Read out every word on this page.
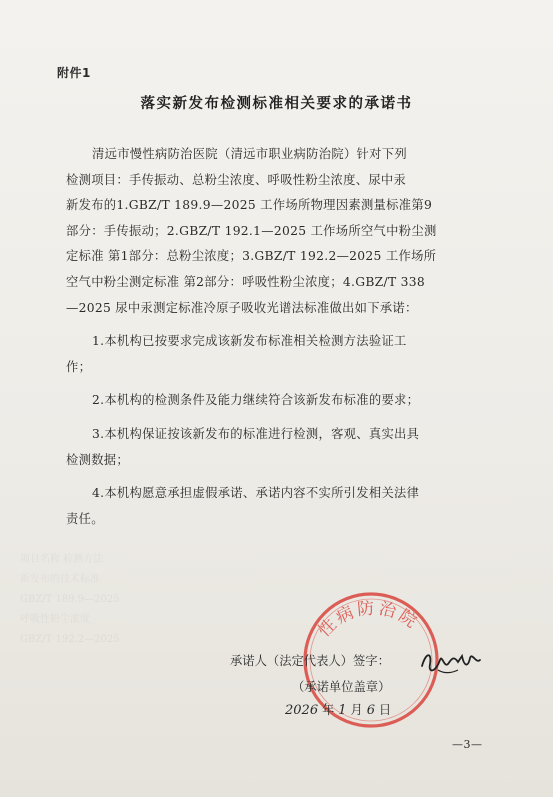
项目名称 检测方法
新发布的技术标准
GBZ/T 189.9—2025
呼吸性粉尘浓度
GBZ/T 192.2—2025
附件1
落实新发布检测标准相关要求的承诺书
清远市慢性病防治医院（清远市职业病防治院）针对下列
检测项目：手传振动、总粉尘浓度、呼吸性粉尘浓度、尿中汞
新发布的1.GBZ/T 189.9—2025 工作场所物理因素测量标准第9
部分：手传振动；2.GBZ/T 192.1—2025 工作场所空气中粉尘测
定标准 第1部分：总粉尘浓度；3.GBZ/T 192.2—2025 工作场所
空气中粉尘测定标准 第2部分：呼吸性粉尘浓度；4.GBZ/T 338
—2025 尿中汞测定标准冷原子吸收光谱法标准做出如下承诺：
1.本机构已按要求完成该新发布标准相关检测方法验证工
作；
2.本机构的检测条件及能力继续符合该新发布标准的要求；
3.本机构保证按该新发布的标准进行检测，客观、真实出具
检测数据；
4.本机构愿意承担虚假承诺、承诺内容不实所引发相关法律
责任。
性病防治院
承诺人（法定代表人）签字：
（承诺单位盖章）
2026 年 1 月 6 日
—3—
